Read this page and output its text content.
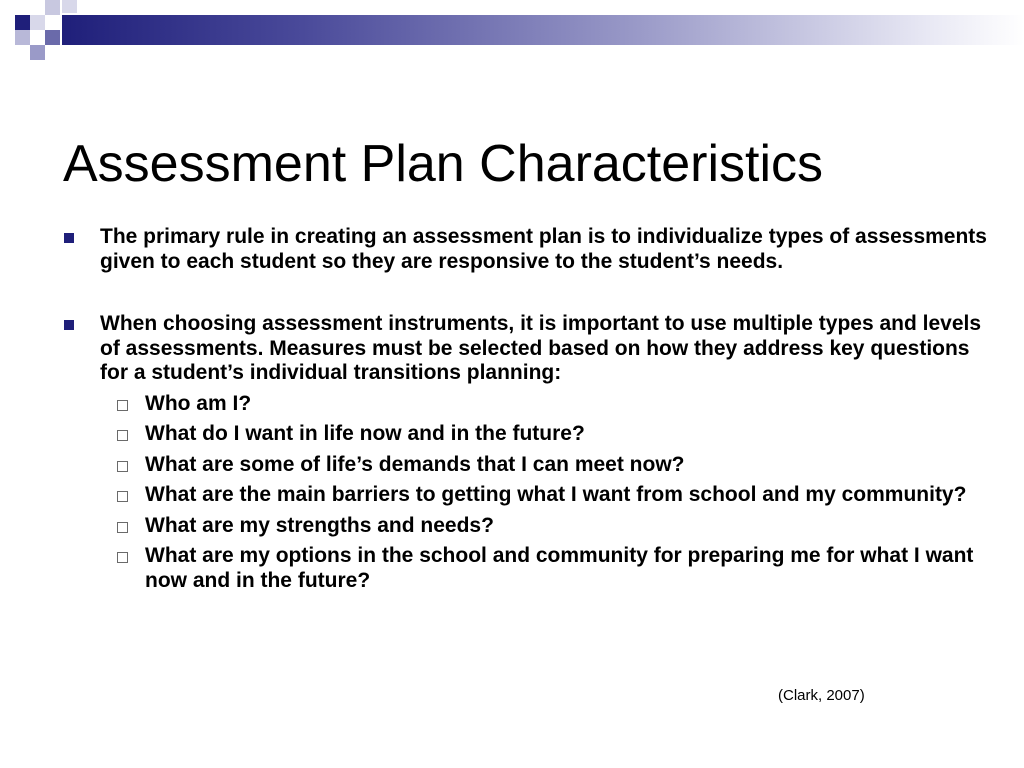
Assessment Plan Characteristics
The primary rule in creating an assessment plan is to individualize types of assessments given to each student so they are responsive to the student’s needs.
When choosing assessment instruments, it is important to use multiple types and levels of assessments. Measures must be selected based on how they address key questions for a student’s individual transitions planning:
Who am I?
What do I want in life now and in the future?
What are some of life’s demands that I can meet now?
What are the main barriers to getting what I want from school and my community?
What are my strengths and needs?
What are my options in the school and community for preparing me for what I want now and in the future?
(Clark, 2007)
